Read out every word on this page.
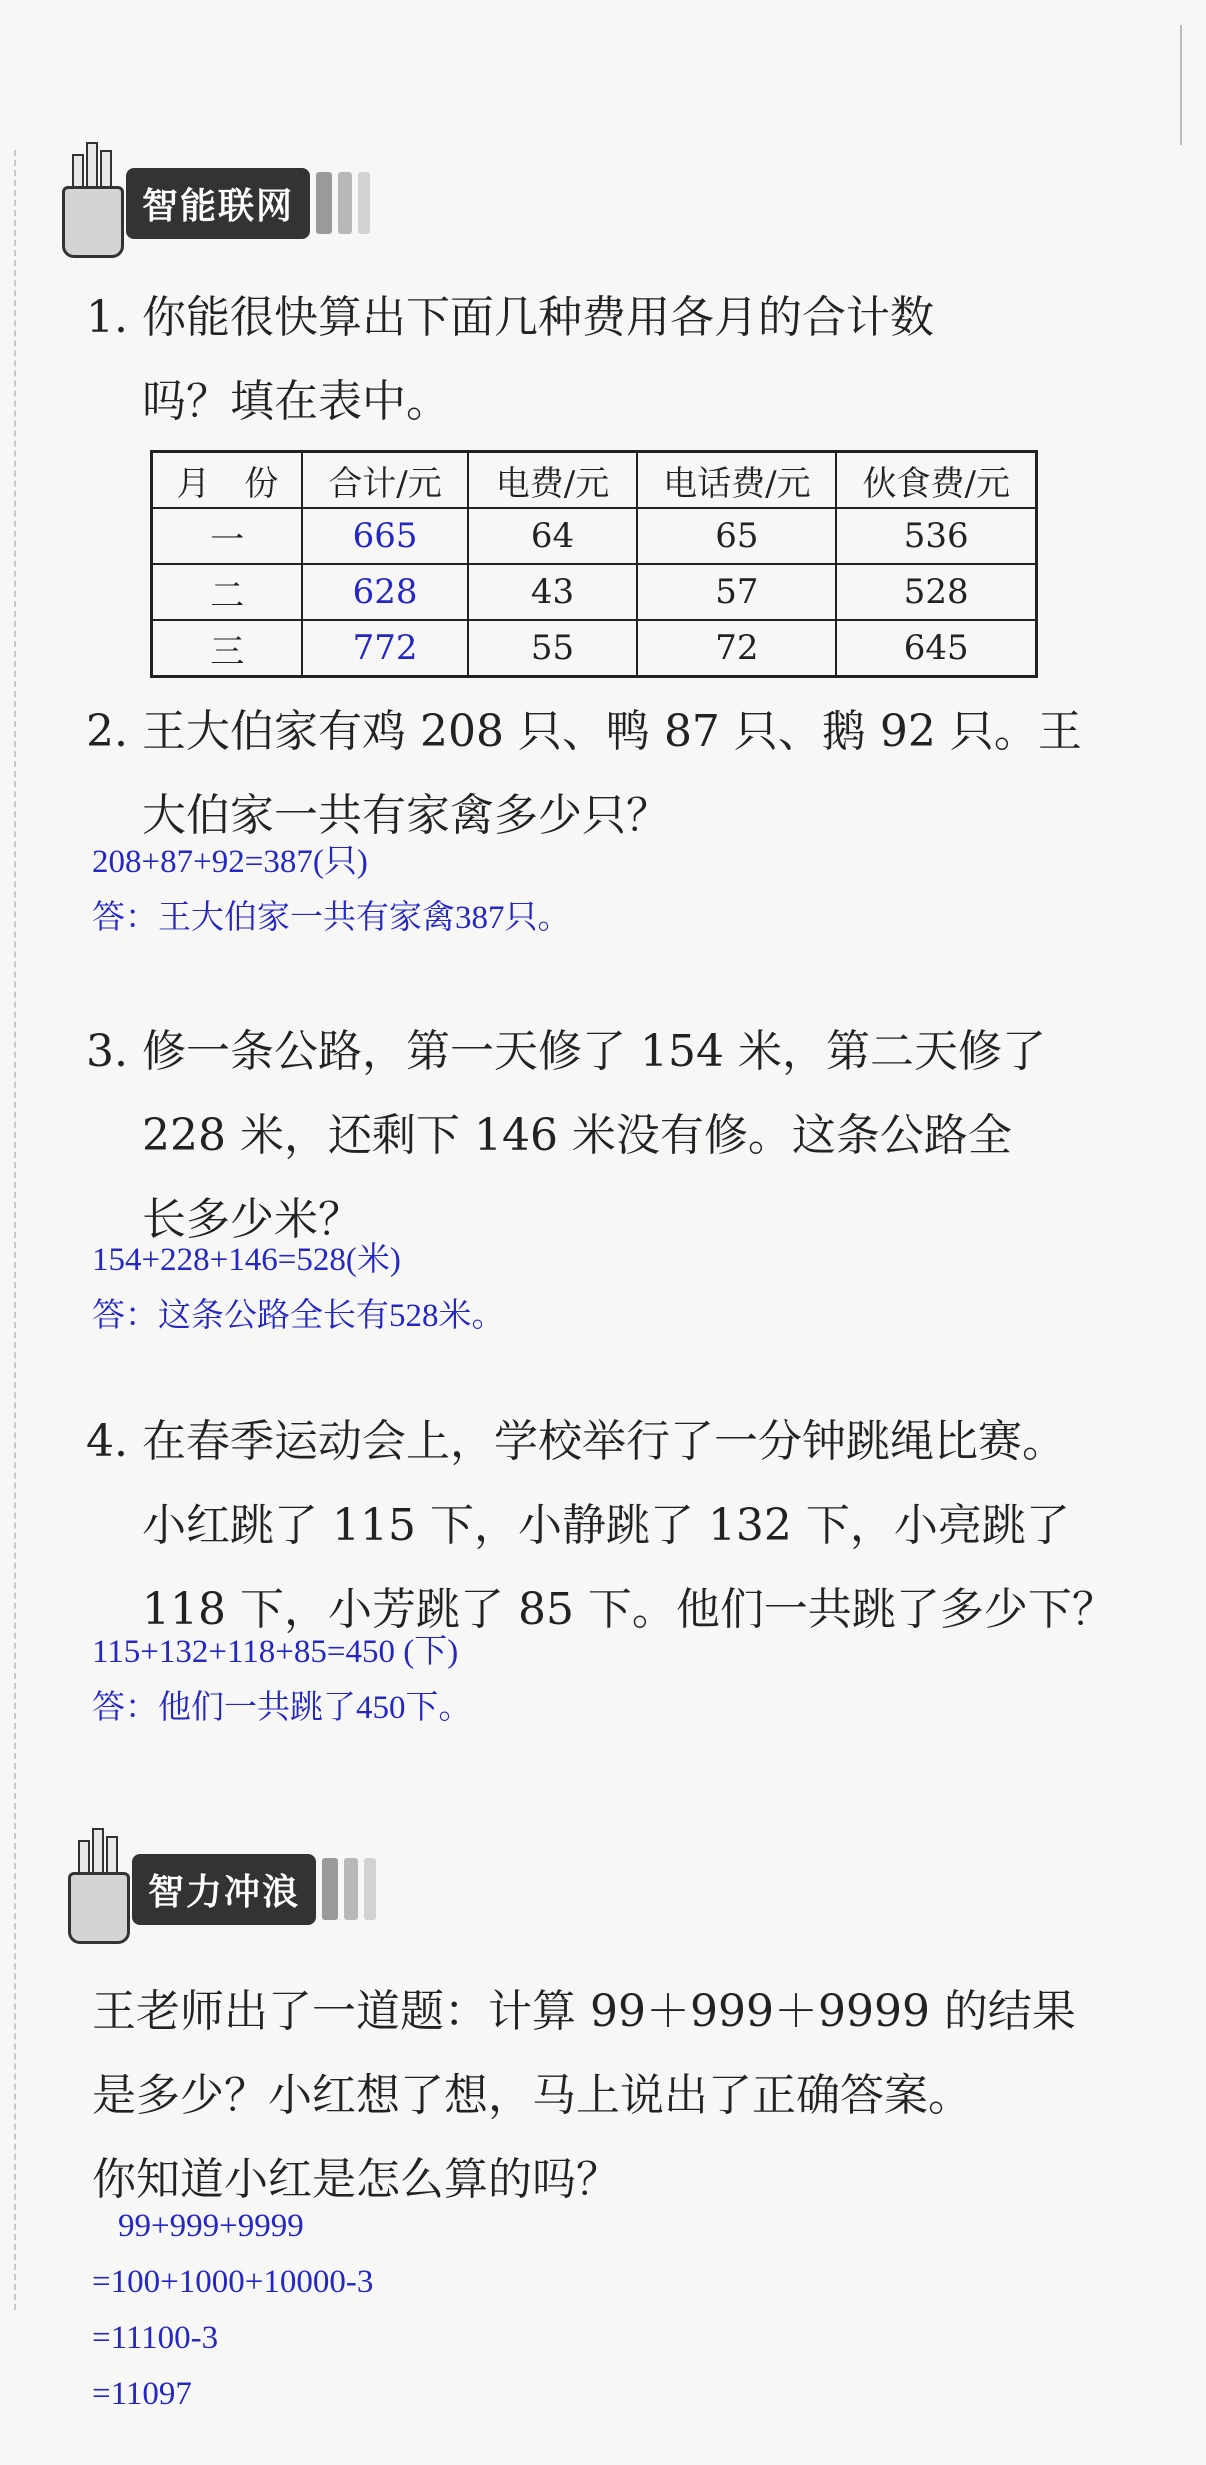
智能联网
1. 你能很快算出下面几种费用各月的合计数
吗？填在表中。
月　份	合计/元	电费/元	电话费/元	伙食费/元
一	665	64	65	536
二	628	43	57	528
三	772	55	72	645
2. 王大伯家有鸡 208 只、鸭 87 只、鹅 92 只。王
大伯家一共有家禽多少只？
208+87+92=387(只)
答：王大伯家一共有家禽387只。
3. 修一条公路，第一天修了 154 米，第二天修了
228 米，还剩下 146 米没有修。这条公路全
长多少米？
154+228+146=528(米)
答：这条公路全长有528米。
4. 在春季运动会上，学校举行了一分钟跳绳比赛。
小红跳了 115 下，小静跳了 132 下，小亮跳了
118 下，小芳跳了 85 下。他们一共跳了多少下？
115+132+118+85=450 (下)
答：他们一共跳了450下。
智力冲浪
王老师出了一道题：计算 99＋999＋9999 的结果
是多少？小红想了想，马上说出了正确答案。
你知道小红是怎么算的吗？
99+999+9999
=100+1000+10000-3
=11100-3
=11097
